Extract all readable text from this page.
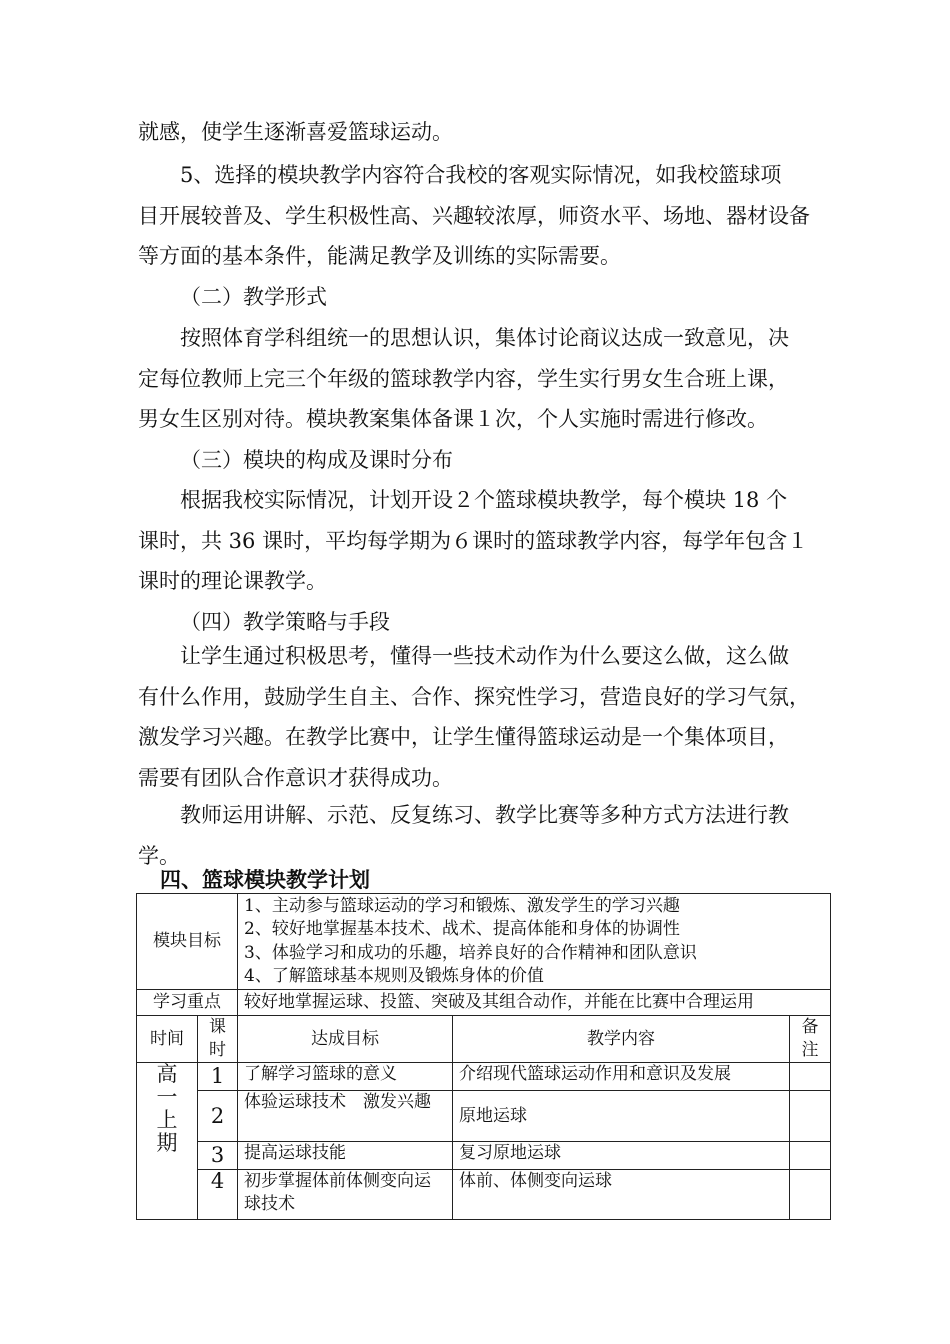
就感，使学生逐渐喜爱篮球运动。

5、选择的模块教学内容符合我校的客观实际情况，如我校篮球项
目开展较普及、学生积极性高、兴趣较浓厚，师资水平、场地、器材设备
等方面的基本条件，能满足教学及训练的实际需要。

（二）教学形式

按照体育学科组统一的思想认识，集体讨论商议达成一致意见，决
定每位教师上完三个年级的篮球教学内容，学生实行男女生合班上课，
男女生区别对待。模块教案集体备课１次，个人实施时需进行修改。

（三）模块的构成及课时分布

根据我校实际情况，计划开设２个篮球模块教学，每个模块 18 个
课时，共 36 课时，平均每学期为６课时的篮球教学内容，每学年包含１
课时的理论课教学。

（四）教学策略与手段

让学生通过积极思考，懂得一些技术动作为什么要这么做，这么做
有什么作用，鼓励学生自主、合作、探究性学习，营造良好的学习气氛，
激发学习兴趣。在教学比赛中，让学生懂得篮球运动是一个集体项目，
需要有团队合作意识才获得成功。

教师运用讲解、示范、反复练习、教学比赛等多种方式方法进行教
学。

四、篮球模块教学计划
模块目标		1、主动参与篮球运动的学习和锻炼、激发学生的学习兴趣
2、较好地掌握基本技术、战术、提高体能和身体的协调性
3、体验学习和成功的乐趣，培养良好的合作精神和团队意识
4、了解篮球基本规则及锻炼身体的价值		

学习重点		较好地掌握运球、投篮、突破及其组合动作，并能在比赛中合理运用		
时间	课
时	达成目标	教学内容	备
注

高
一
上
期	1	了解学习篮球的意义	介绍现代篮球运动作用和意识及发展	
	2	体验运球技术　激发兴趣	原地运球	
	3	提高运球技能	复习原地运球	
	4	初步掌握体前体侧变向运球技术	体前、体侧变向运球	
